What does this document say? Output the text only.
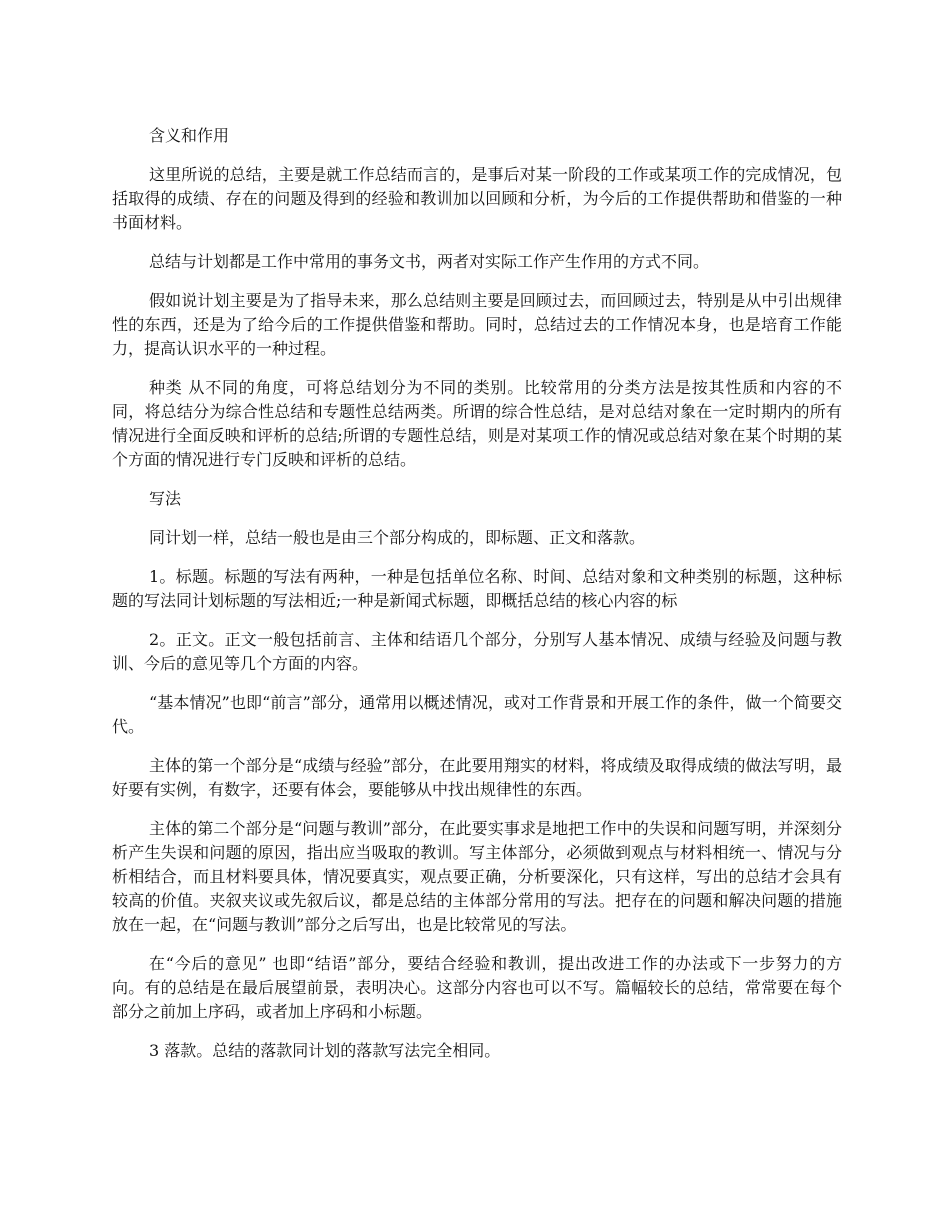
含义和作用

这里所说的总结，主要是就工作总结而言的，是事后对某一阶段的工作或某项工作的完成情况，包括取得的成绩、存在的问题及得到的经验和教训加以回顾和分析，为今后的工作提供帮助和借鉴的一种书面材料。

总结与计划都是工作中常用的事务文书，两者对实际工作产生作用的方式不同。

假如说计划主要是为了指导未来，那么总结则主要是回顾过去，而回顾过去，特别是从中引出规律性的东西，还是为了给今后的工作提供借鉴和帮助。同时，总结过去的工作情况本身，也是培育工作能力，提高认识水平的一种过程。

种类 从不同的角度，可将总结划分为不同的类别。比较常用的分类方法是按其性质和内容的不同，将总结分为综合性总结和专题性总结两类。所谓的综合性总结，是对总结对象在一定时期内的所有情况进行全面反映和评析的总结;所谓的专题性总结，则是对某项工作的情况或总结对象在某个时期的某个方面的情况进行专门反映和评析的总结。

写法

同计划一样，总结一般也是由三个部分构成的，即标题、正文和落款。

1。标题。标题的写法有两种，一种是包括单位名称、时间、总结对象和文种类别的标题，这种标题的写法同计划标题的写法相近;一种是新闻式标题，即概括总结的核心内容的标

2。正文。正文一般包括前言、主体和结语几个部分，分别写人基本情况、成绩与经验及问题与教训、今后的意见等几个方面的内容。

“基本情况”也即“前言”部分，通常用以概述情况，或对工作背景和开展工作的条件，做一个简要交代。

主体的第一个部分是“成绩与经验”部分，在此要用翔实的材料，将成绩及取得成绩的做法写明，最好要有实例，有数字，还要有体会，要能够从中找出规律性的东西。

主体的第二个部分是“问题与教训”部分，在此要实事求是地把工作中的失误和问题写明，并深刻分析产生失误和问题的原因，指出应当吸取的教训。写主体部分，必须做到观点与材料相统一、情况与分析相结合，而且材料要具体，情况要真实，观点要正确，分析要深化，只有这样，写出的总结才会具有较高的价值。夹叙夹议或先叙后议，都是总结的主体部分常用的写法。把存在的问题和解决问题的措施放在一起，在“问题与教训”部分之后写出，也是比较常见的写法。

在“今后的意见” 也即“结语”部分，要结合经验和教训，提出改进工作的办法或下一步努力的方向。有的总结是在最后展望前景，表明决心。这部分内容也可以不写。篇幅较长的总结，常常要在每个部分之前加上序码，或者加上序码和小标题。

3 落款。总结的落款同计划的落款写法完全相同。
